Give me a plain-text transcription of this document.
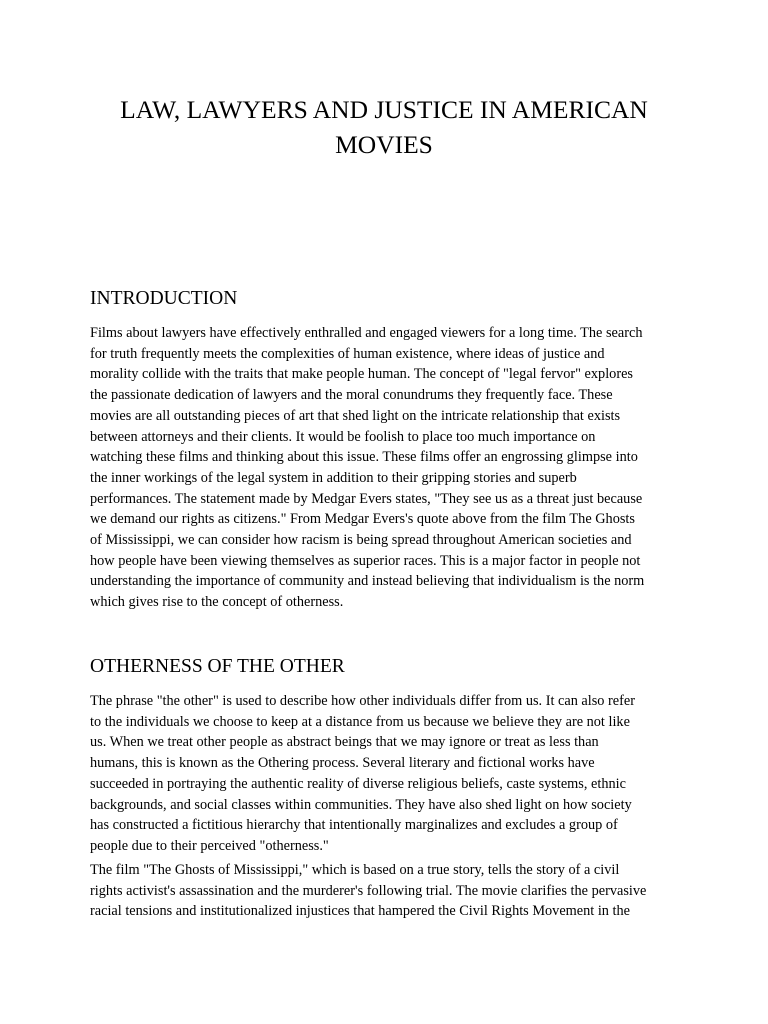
LAW, LAWYERS AND JUSTICE IN AMERICAN
MOVIES
INTRODUCTION

Films about lawyers have effectively enthralled and engaged viewers for a long time. The search
for truth frequently meets the complexities of human existence, where ideas of justice and
morality collide with the traits that make people human. The concept of "legal fervor" explores
the passionate dedication of lawyers and the moral conundrums they frequently face. These
movies are all outstanding pieces of art that shed light on the intricate relationship that exists
between attorneys and their clients. It would be foolish to place too much importance on
watching these films and thinking about this issue. These films offer an engrossing glimpse into
the inner workings of the legal system in addition to their gripping stories and superb
performances. The statement made by Medgar Evers states, "They see us as a threat just because
we demand our rights as citizens." From Medgar Evers's quote above from the film The Ghosts
of Mississippi, we can consider how racism is being spread throughout American societies and
how people have been viewing themselves as superior races. This is a major factor in people not
understanding the importance of community and instead believing that individualism is the norm
which gives rise to the concept of otherness.

OTHERNESS OF THE OTHER

The phrase "the other" is used to describe how other individuals differ from us. It can also refer
to the individuals we choose to keep at a distance from us because we believe they are not like
us. When we treat other people as abstract beings that we may ignore or treat as less than
humans, this is known as the Othering process. Several literary and fictional works have
succeeded in portraying the authentic reality of diverse religious beliefs, caste systems, ethnic
backgrounds, and social classes within communities. They have also shed light on how society
has constructed a fictitious hierarchy that intentionally marginalizes and excludes a group of
people due to their perceived "otherness."

The film "The Ghosts of Mississippi," which is based on a true story, tells the story of a civil
rights activist's assassination and the murderer's following trial. The movie clarifies the pervasive
racial tensions and institutionalized injustices that hampered the Civil Rights Movement in the
